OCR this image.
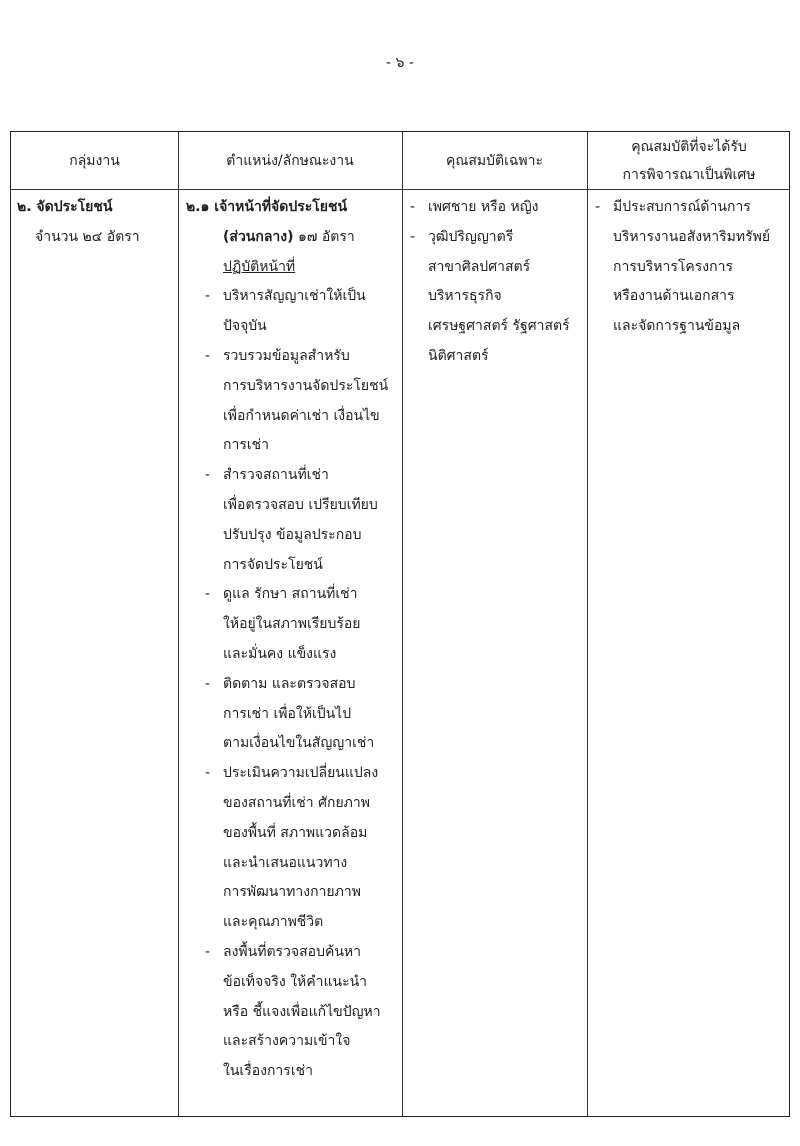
- ๖ -
กลุ่มงาน	ตำแหน่ง/ลักษณะงาน	คุณสมบัติเฉพาะ
คุณสมบัติที่จะได้รับ
การพิจารณาเป็นพิเศษ
๒. จัดประโยชน์
จำนวน ๒๔ อัตรา
๒.๑ เจ้าหน้าที่จัดประโยชน์
(ส่วนกลาง) ๑๗ อัตรา
ปฏิบัติหน้าที่
- บริหารสัญญาเช่าให้เป็น
ปัจจุบัน
- รวบรวมข้อมูลสำหรับ
การบริหารงานจัดประโยชน์
เพื่อกำหนดค่าเช่า เงื่อนไข
การเช่า
- สำรวจสถานที่เช่า
เพื่อตรวจสอบ เปรียบเทียบ
ปรับปรุง ข้อมูลประกอบ
การจัดประโยชน์
- ดูแล รักษา สถานที่เช่า
ให้อยู่ในสภาพเรียบร้อย
และมั่นคง แข็งแรง
- ติดตาม และตรวจสอบ
การเช่า เพื่อให้เป็นไป
ตามเงื่อนไขในสัญญาเช่า
- ประเมินความเปลี่ยนแปลง
ของสถานที่เช่า ศักยภาพ
ของพื้นที่ สภาพแวดล้อม
และนำเสนอแนวทาง
การพัฒนาทางกายภาพ
และคุณภาพชีวิต
- ลงพื้นที่ตรวจสอบค้นหา
ข้อเท็จจริง ให้คำแนะนำ
หรือ ชี้แจงเพื่อแก้ไขปัญหา
และสร้างความเข้าใจ
ในเรื่องการเช่า
- เพศชาย หรือ หญิง
- วุฒิปริญญาตรี
สาขาศิลปศาสตร์
บริหารธุรกิจ
เศรษฐศาสตร์ รัฐศาสตร์
นิติศาสตร์
- มีประสบการณ์ด้านการ
บริหารงานอสังหาริมทรัพย์
การบริหารโครงการ
หรืองานด้านเอกสาร
และจัดการฐานข้อมูล
